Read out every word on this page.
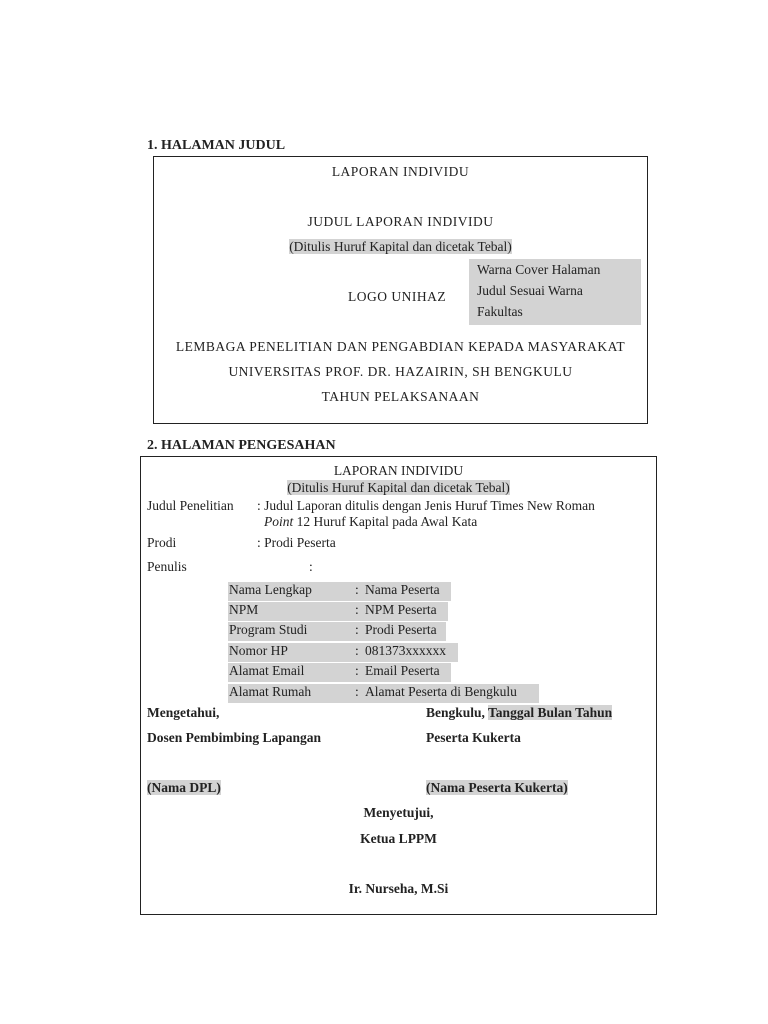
1. HALAMAN JUDUL
LAPORAN INDIVIDU
JUDUL LAPORAN INDIVIDU
(Ditulis Huruf Kapital dan dicetak Tebal)
Warna Cover Halaman
Judul Sesuai Warna
Fakultas
LOGO UNIHAZ
LEMBAGA PENELITIAN DAN PENGABDIAN KEPADA MASYARAKAT
UNIVERSITAS PROF. DR. HAZAIRIN, SH BENGKULU
TAHUN PELAKSANAAN
2. HALAMAN PENGESAHAN
LAPORAN INDIVIDU
(Ditulis Huruf Kapital dan dicetak Tebal)
Judul Penelitian : Judul Laporan ditulis dengan Jenis Huruf Times New Roman
Point 12 Huruf Kapital pada Awal Kata
Prodi	: Prodi Peserta
Penulis	:
Nama Lengkap	: Nama Peserta
NPM	: NPM Peserta
Program Studi	: Prodi Peserta
Nomor HP	: 081373xxxxxx
Alamat Email	: Email Peserta
Alamat Rumah	: Alamat Peserta di Bengkulu
Mengetahui,	Bengkulu, Tanggal Bulan Tahun
Dosen Pembimbing Lapangan	Peserta Kukerta
(Nama DPL)	(Nama Peserta Kukerta)
Menyetujui,
Ketua LPPM
Ir. Nurseha, M.Si
